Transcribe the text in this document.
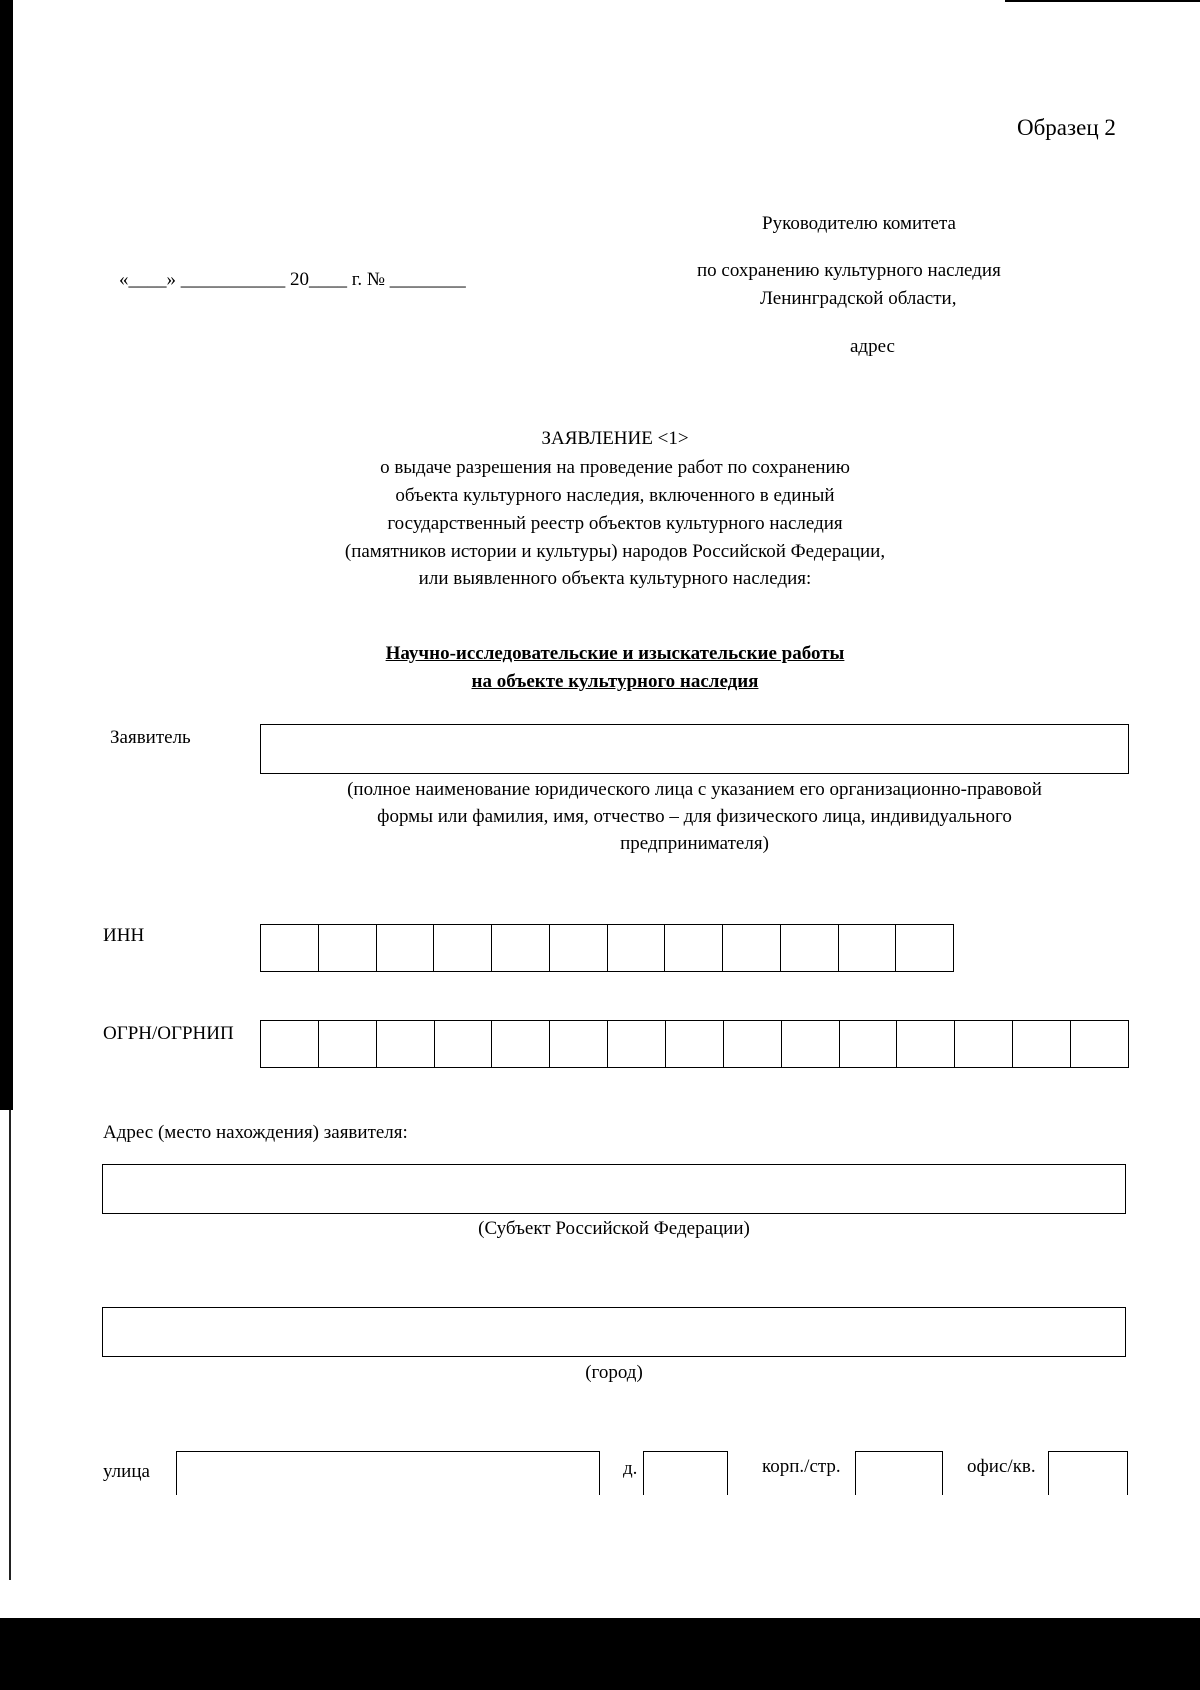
Образец 2
Руководителю комитета
по сохранению культурного наследия
Ленинградской области,
адрес
«____» ___________ 20____ г. № ________
ЗАЯВЛЕНИЕ <1>
о выдаче разрешения на проведение работ по сохранению
объекта культурного наследия, включенного в единый
государственный реестр объектов культурного наследия
(памятников истории и культуры) народов Российской Федерации,
или выявленного объекта культурного наследия:
Научно-исследовательские и изыскательские работы
на объекте культурного наследия
Заявитель
(полное наименование юридического лица с указанием его организационно-правовой
формы или фамилия, имя, отчество – для физического лица, индивидуального
предпринимателя)
ИНН
ОГРН/ОГРНИП
Адрес (место нахождения) заявителя:
(Субъект Российской Федерации)
(город)
улица	д.	корп./стр.	офис/кв.
